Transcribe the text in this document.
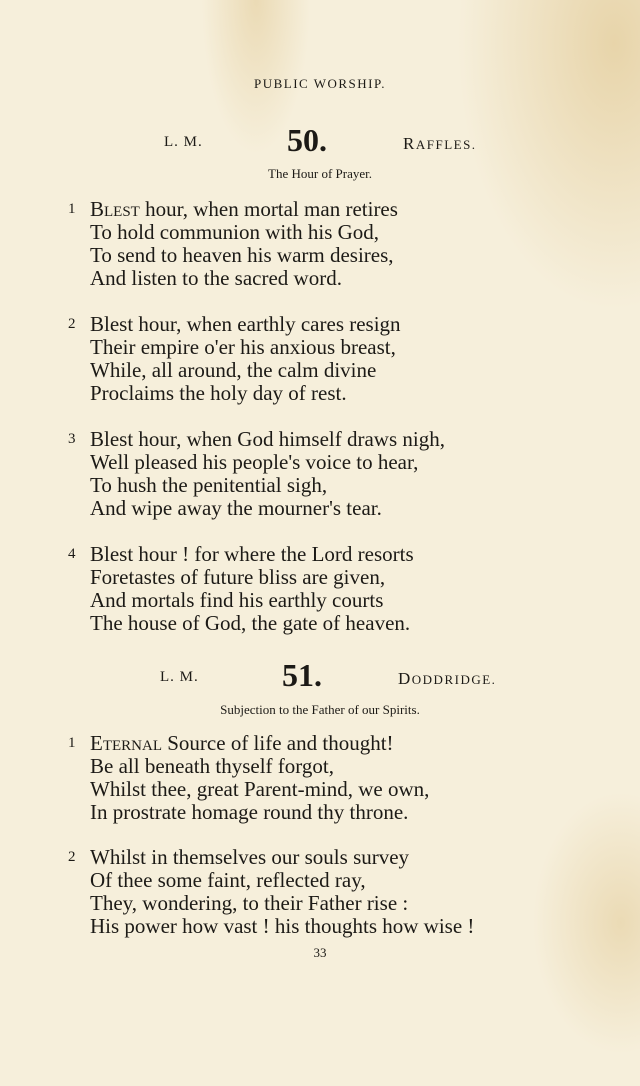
PUBLIC WORSHIP.
L. M.	50.	RAFFLES.
The Hour of Prayer.
1 Blest hour, when mortal man retires
To hold communion with his God,
To send to heaven his warm desires,
And listen to the sacred word.
2 Blest hour, when earthly cares resign
Their empire o'er his anxious breast,
While, all around, the calm divine
Proclaims the holy day of rest.
3 Blest hour, when God himself draws nigh,
Well pleased his people's voice to hear,
To hush the penitential sigh,
And wipe away the mourner's tear.
4 Blest hour ! for where the Lord resorts
Foretastes of future bliss are given,
And mortals find his earthly courts
The house of God, the gate of heaven.
L. M.	51.	DODDRIDGE.
Subjection to the Father of our Spirits.
1 Eternal Source of life and thought!
Be all beneath thyself forgot,
Whilst thee, great Parent-mind, we own,
In prostrate homage round thy throne.
2 Whilst in themselves our souls survey
Of thee some faint, reflected ray,
They, wondering, to their Father rise :
His power how vast ! his thoughts how wise !
33
